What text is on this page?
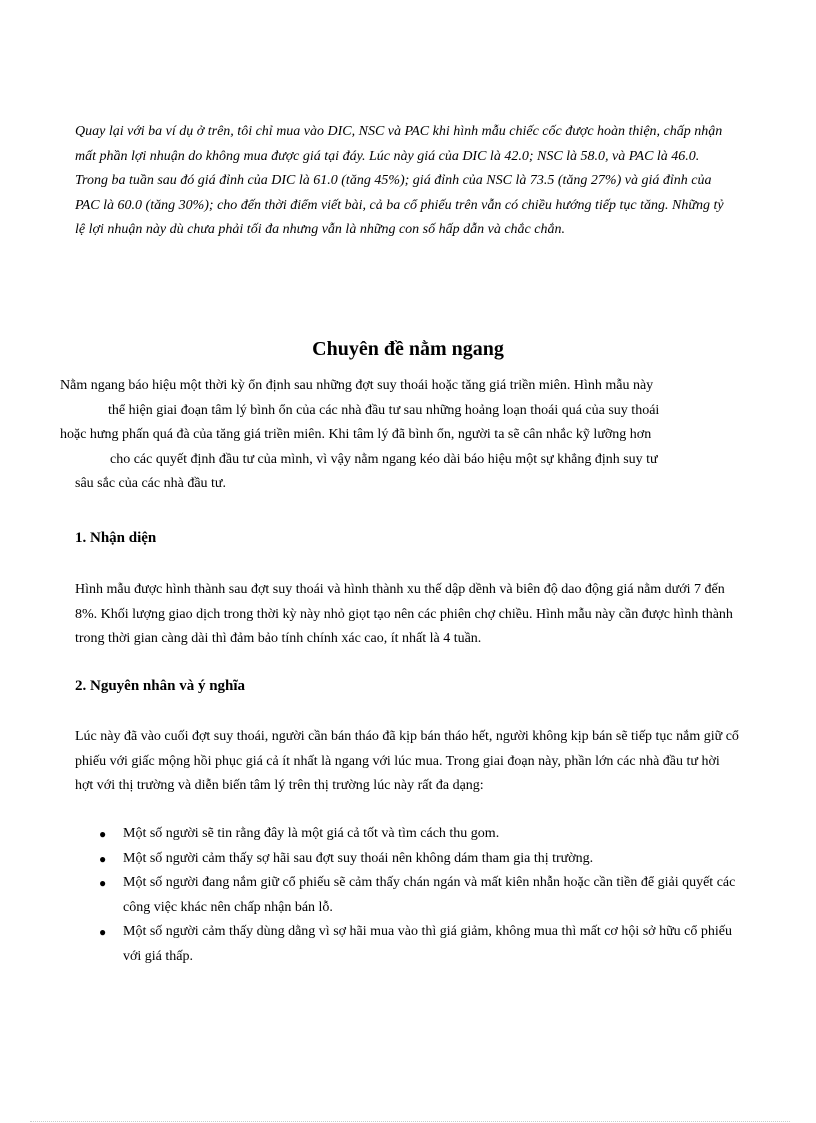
Quay lại với ba ví dụ ở trên, tôi chỉ mua vào DIC, NSC và PAC khi hình mẫu chiếc cốc được hoàn thiện, chấp nhận mất phần lợi nhuận do không mua được giá tại đáy. Lúc này giá của DIC là 42.0; NSC là 58.0, và PAC là 46.0. Trong ba tuần sau đó giá đỉnh của DIC là 61.0 (tăng 45%); giá đỉnh của NSC là 73.5 (tăng 27%) và giá đỉnh của PAC là 60.0 (tăng 30%); cho đến thời điểm viết bài, cả ba cổ phiếu trên vẫn có chiều hướng tiếp tục tăng. Những tỷ lệ lợi nhuận này dù chưa phải tối đa nhưng vẫn là những con số hấp dẫn và chắc chắn.

Chuyên đề nằm ngang

Nằm ngang báo hiệu một thời kỳ ổn định sau những đợt suy thoái hoặc tăng giá triền miên. Hình mẫu này
thể hiện giai đoạn tâm lý bình ổn của các nhà đầu tư sau những hoảng loạn thoái quá của suy thoái
hoặc hưng phấn quá đà của tăng giá triền miên. Khi tâm lý đã bình ổn, người ta sẽ cân nhắc kỹ lưỡng hơn
cho các quyết định đầu tư của mình, vì vậy nằm ngang kéo dài báo hiệu một sự khẳng định suy tư
sâu sắc của các nhà đầu tư.

1. Nhận diện

Hình mẫu được hình thành sau đợt suy thoái và hình thành xu thế dập dềnh và biên độ dao động giá nằm dưới 7 đến 8%. Khối lượng giao dịch trong thời kỳ này nhỏ giọt tạo nên các phiên chợ chiều. Hình mẫu này cần được hình thành trong thời gian càng dài thì đảm bảo tính chính xác cao, ít nhất là 4 tuần.

2. Nguyên nhân và ý nghĩa

Lúc này đã vào cuối đợt suy thoái, người cần bán tháo đã kịp bán tháo hết, người không kịp bán sẽ tiếp tục nắm giữ cổ phiếu với giấc mộng hồi phục giá cả ít nhất là ngang với lúc mua. Trong giai đoạn này, phần lớn các nhà đầu tư hời hợt với thị trường và diễn biến tâm lý trên thị trường lúc này rất đa dạng:

● Một số người sẽ tin rằng đây là một giá cả tốt và tìm cách thu gom.
● Một số người cảm thấy sợ hãi sau đợt suy thoái nên không dám tham gia thị trường.
● Một số người đang nắm giữ cổ phiếu sẽ cảm thấy chán ngán và mất kiên nhẫn hoặc cần tiền để giải quyết các công việc khác nên chấp nhận bán lỗ.
● Một số người cảm thấy dùng dằng vì sợ hãi mua vào thì giá giảm, không mua thì mất cơ hội sở hữu cổ phiếu với giá thấp.
